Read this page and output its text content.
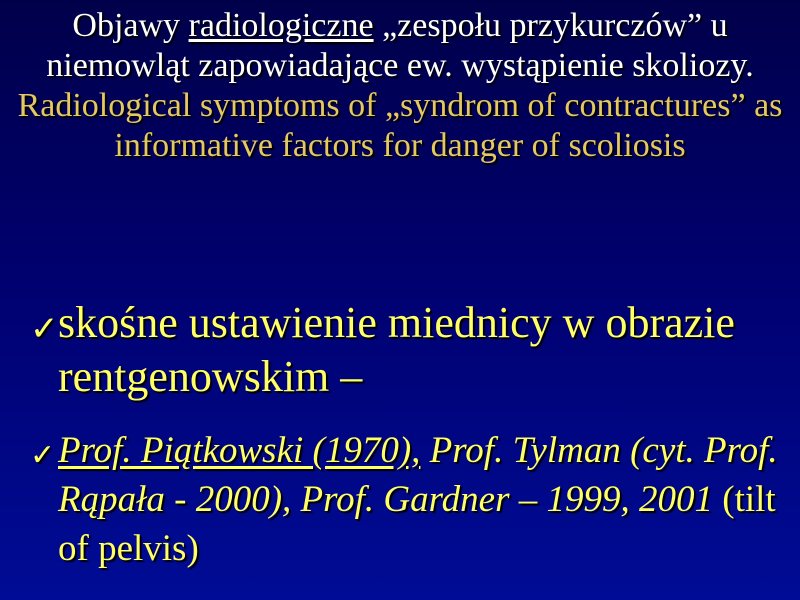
Objawy radiologiczne „zespołu przykurczów” u niemowląt zapowiadające ew. wystąpienie skoliozy. Radiological symptoms of „syndrom of contractures” as informative factors for danger of scoliosis
✓ skośne ustawienie miednicy w obrazie rentgenowskim –
✓ Prof. Piątkowski (1970), Prof. Tylman (cyt. Prof. Rąpała - 2000), Prof. Gardner – 1999, 2001 (tilt of pelvis)
